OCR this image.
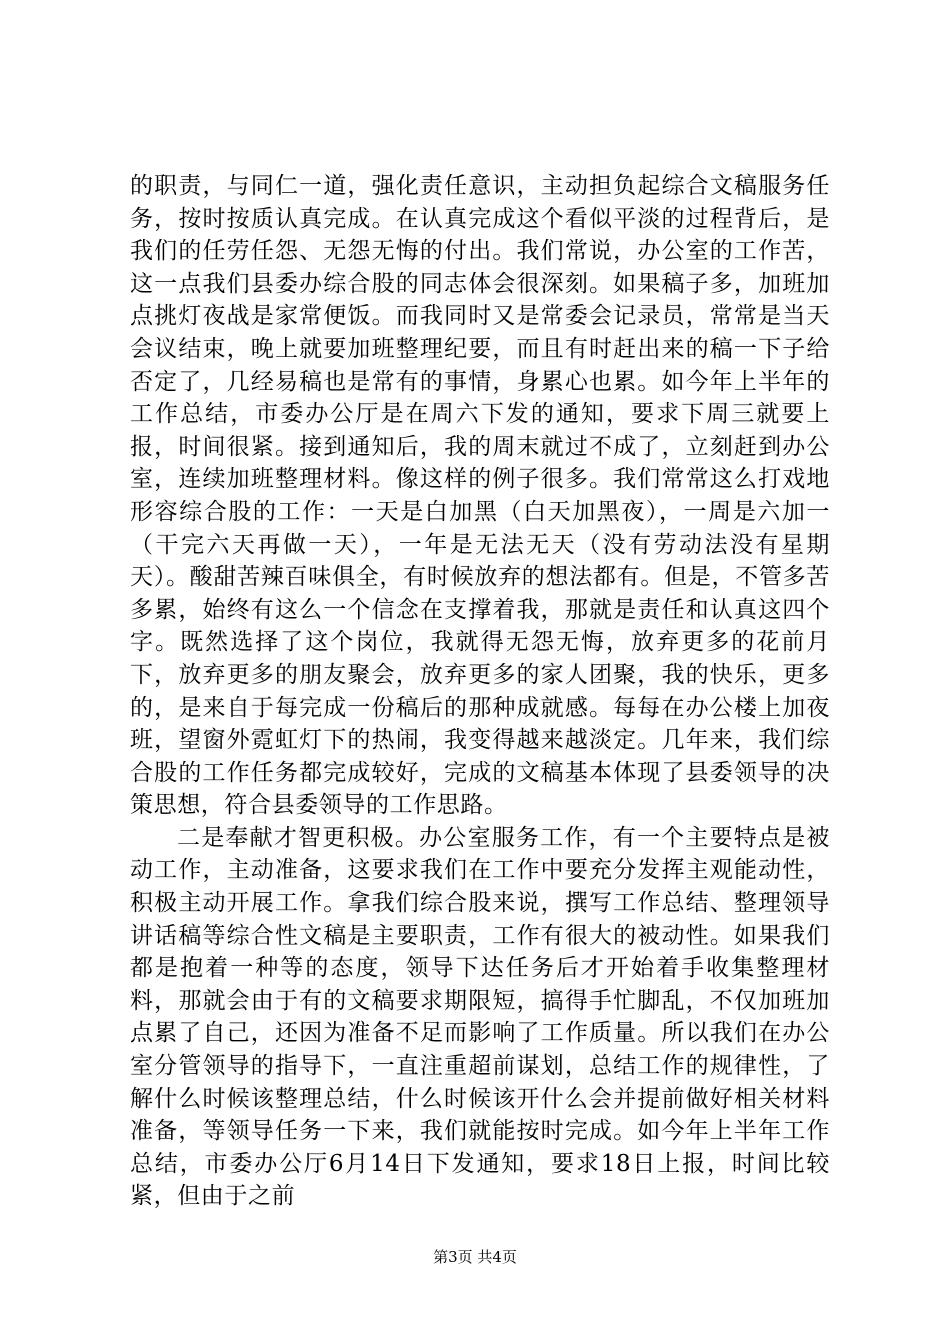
的职责，与同仁一道，强化责任意识，主动担负起综合文稿服务任务，按时按质认真完成。在认真完成这个看似平淡的过程背后，是我们的任劳任怨、无怨无悔的付出。我们常说，办公室的工作苦，这一点我们县委办综合股的同志体会很深刻。如果稿子多，加班加点挑灯夜战是家常便饭。而我同时又是常委会记录员，常常是当天会议结束，晚上就要加班整理纪要，而且有时赶出来的稿一下子给否定了，几经易稿也是常有的事情，身累心也累。如今年上半年的工作总结，市委办公厅是在周六下发的通知，要求下周三就要上报，时间很紧。接到通知后，我的周末就过不成了，立刻赶到办公室，连续加班整理材料。像这样的例子很多。我们常常这么打戏地形容综合股的工作：一天是白加黑（白天加黑夜），一周是六加一（干完六天再做一天），一年是无法无天（没有劳动法没有星期天）。酸甜苦辣百味俱全，有时候放弃的想法都有。但是，不管多苦多累，始终有这么一个信念在支撑着我，那就是责任和认真这四个字。既然选择了这个岗位，我就得无怨无悔，放弃更多的花前月下，放弃更多的朋友聚会，放弃更多的家人团聚，我的快乐，更多的，是来自于每完成一份稿后的那种成就感。每每在办公楼上加夜班，望窗外霓虹灯下的热闹，我变得越来越淡定。几年来，我们综合股的工作任务都完成较好，完成的文稿基本体现了县委领导的决策思想，符合县委领导的工作思路。

二是奉献才智更积极。办公室服务工作，有一个主要特点是被动工作，主动准备，这要求我们在工作中要充分发挥主观能动性，积极主动开展工作。拿我们综合股来说，撰写工作总结、整理领导讲话稿等综合性文稿是主要职责，工作有很大的被动性。如果我们都是抱着一种等的态度，领导下达任务后才开始着手收集整理材料，那就会由于有的文稿要求期限短，搞得手忙脚乱，不仅加班加点累了自己，还因为准备不足而影响了工作质量。所以我们在办公室分管领导的指导下，一直注重超前谋划，总结工作的规律性，了解什么时候该整理总结，什么时候该开什么会并提前做好相关材料准备，等领导任务一下来，我们就能按时完成。如今年上半年工作总结，市委办公厅6月14日下发通知，要求18日上报，时间比较紧，但由于之前

第3页 共4页
